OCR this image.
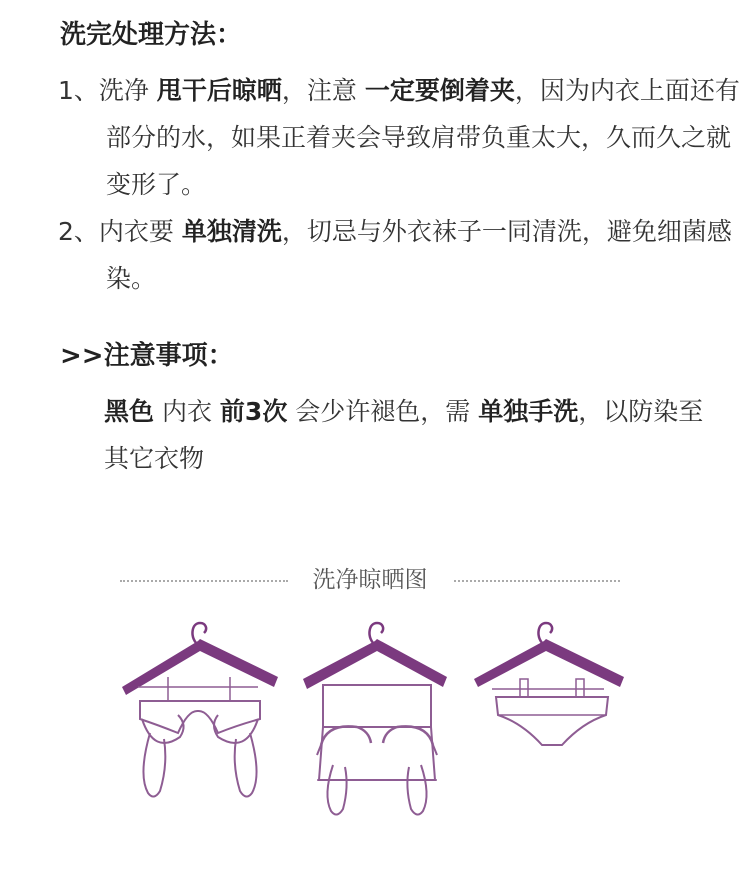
洗完处理方法：

1、洗净 甩干后晾晒，注意 一定要倒着夹，因为内衣上面还有部分的水，如果正着夹会导致肩带负重太大，久而久之就变形了。

2、内衣要 单独清洗，切忌与外衣袜子一同清洗，避免细菌感染。

>>注意事项：

黑色 内衣 前3次 会少许褪色，需 单独手洗，以防染至其它衣物

洗净晾晒图
